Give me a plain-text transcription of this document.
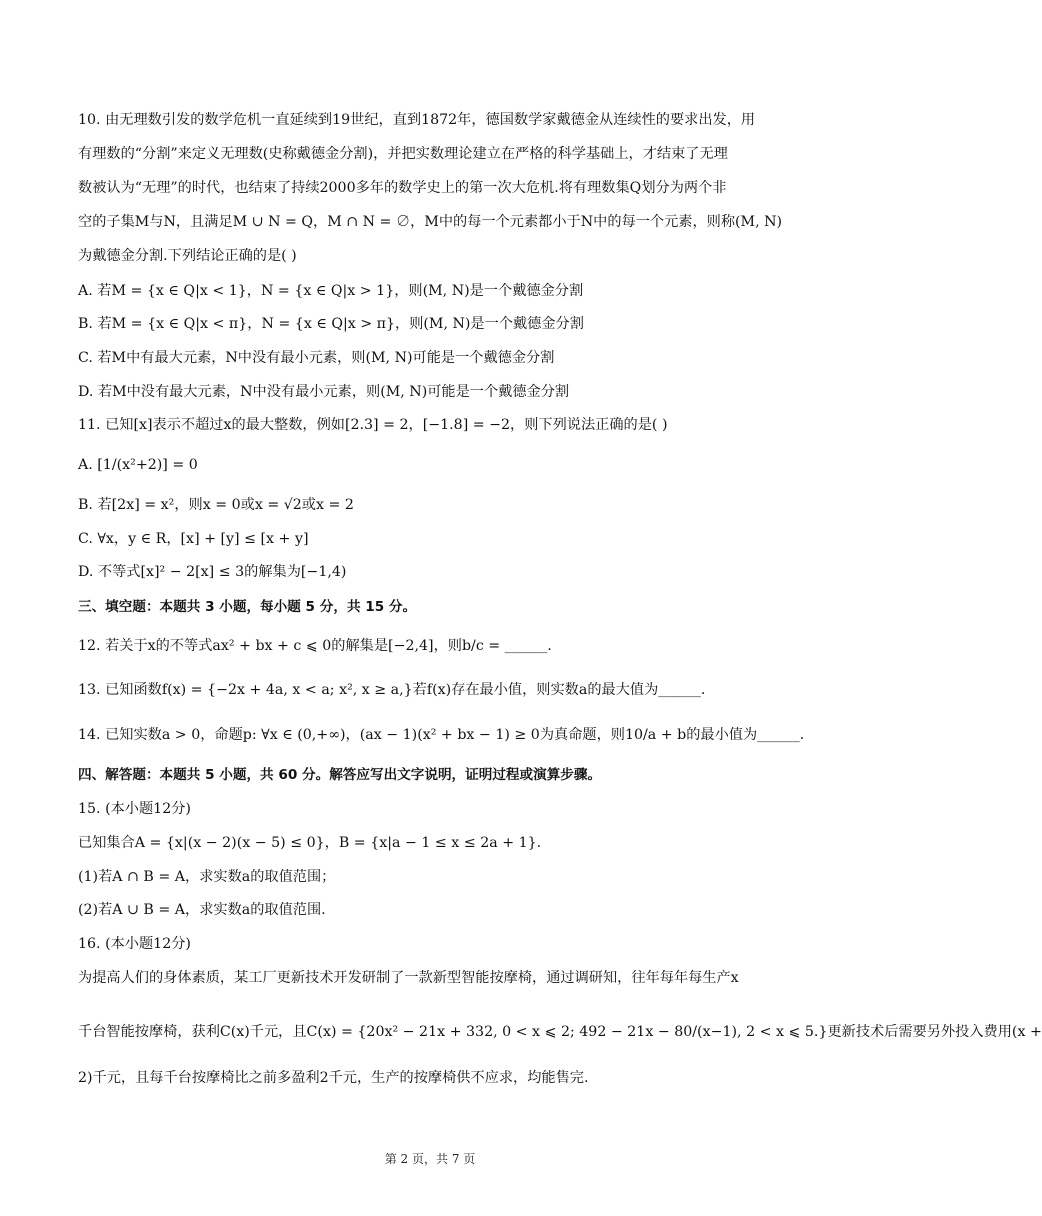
10. 由无理数引发的数学危机一直延续到19世纪，直到1872年，德国数学家戴德金从连续性的要求出发，用
有理数的“分割”来定义无理数(史称戴德金分割)，并把实数理论建立在严格的科学基础上，才结束了无理
数被认为“无理”的时代，也结束了持续2000多年的数学史上的第一次大危机.将有理数集Q划分为两个非
空的子集M与N，且满足M ∪ N = Q，M ∩ N = ∅，M中的每一个元素都小于N中的每一个元素，则称(M, N)
为戴德金分割.下列结论正确的是( )
A. 若M = {x ∈ Q|x < 1}，N = {x ∈ Q|x > 1}，则(M, N)是一个戴德金分割
B. 若M = {x ∈ Q|x < π}，N = {x ∈ Q|x > π}，则(M, N)是一个戴德金分割
C. 若M中有最大元素，N中没有最小元素，则(M, N)可能是一个戴德金分割
D. 若M中没有最大元素，N中没有最小元素，则(M, N)可能是一个戴德金分割
11. 已知[x]表示不超过x的最大整数，例如[2.3] = 2，[−1.8] = −2，则下列说法正确的是( )
A. [1/(x²+2)] = 0
B. 若[2x] = x²，则x = 0或x = √2或x = 2
C. ∀x，y ∈ R，[x] + [y] ≤ [x + y]
D. 不等式[x]² − 2[x] ≤ 3的解集为[−1,4)
三、填空题：本题共 3 小题，每小题 5 分，共 15 分。
12. 若关于x的不等式ax² + bx + c ⩽ 0的解集是[−2,4]，则b/c = ______.
13. 已知函数f(x) = {−2x + 4a, x < a; x², x ≥ a,}若f(x)存在最小值，则实数a的最大值为______.
14. 已知实数a > 0，命题p: ∀x ∈ (0,+∞)，(ax − 1)(x² + bx − 1) ≥ 0为真命题，则10/a + b的最小值为______.
四、解答题：本题共 5 小题，共 60 分。解答应写出文字说明，证明过程或演算步骤。
15. (本小题12分)
已知集合A = {x|(x − 2)(x − 5) ≤ 0}，B = {x|a − 1 ≤ x ≤ 2a + 1}.
(1)若A ∩ B = A，求实数a的取值范围；
(2)若A ∪ B = A，求实数a的取值范围.
16. (本小题12分)
为提高人们的身体素质，某工厂更新技术开发研制了一款新型智能按摩椅，通过调研知，往年每年每生产x
千台智能按摩椅，获利C(x)千元，且C(x) = {20x² − 21x + 332, 0 < x ⩽ 2; 492 − 21x − 80/(x−1), 2 < x ⩽ 5.}更新技术后需要另外投入费用(x +
2)千元，且每千台按摩椅比之前多盈利2千元，生产的按摩椅供不应求，均能售完.
第 2 页，共 7 页
